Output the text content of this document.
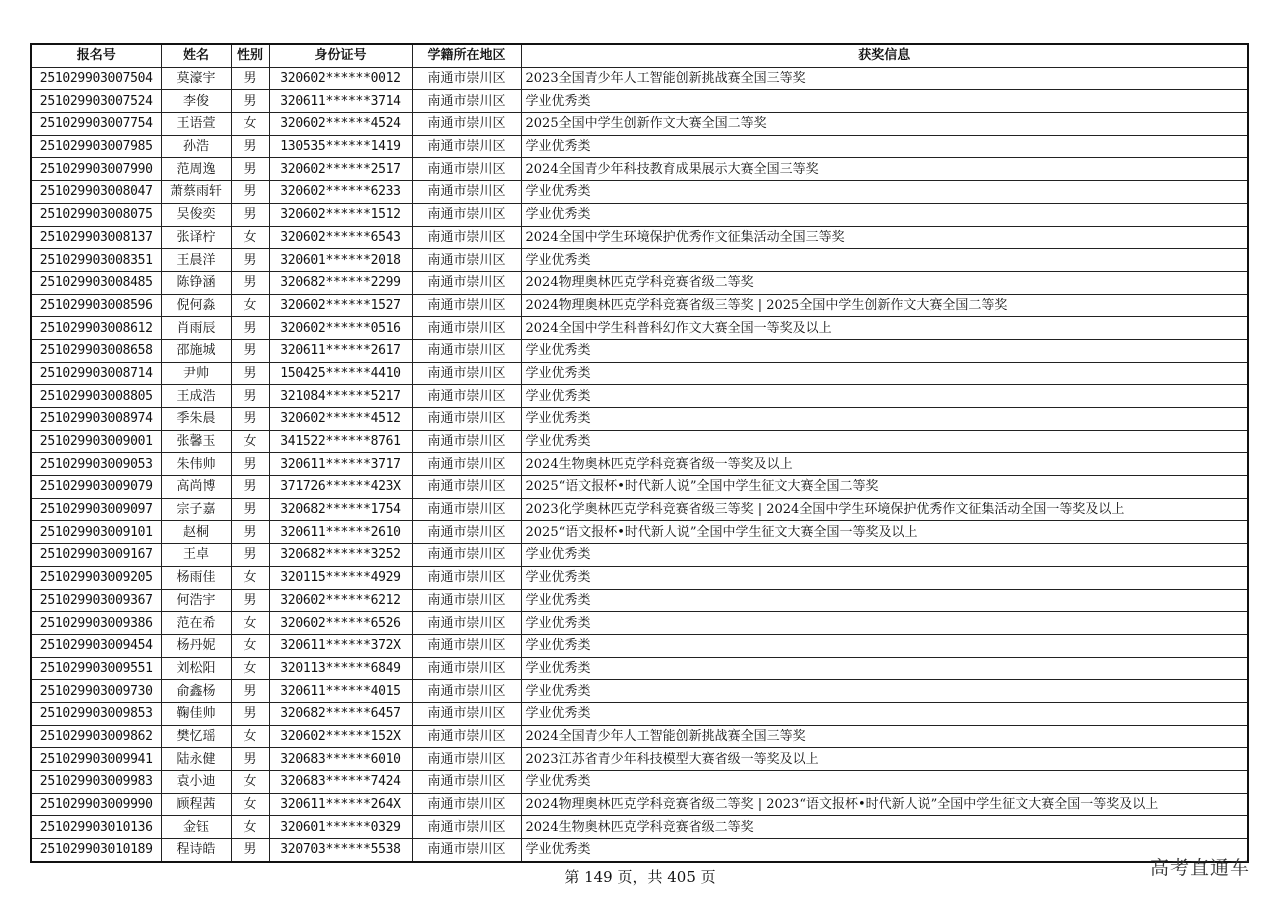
报名号	姓名	性别	身份证号	学籍所在地区	获奖信息
251029903007504	莫濠宇	男	320602******0012	南通市崇川区	2023全国青少年人工智能创新挑战赛全国三等奖
251029903007524	李俊	男	320611******3714	南通市崇川区	学业优秀类
251029903007754	王语萱	女	320602******4524	南通市崇川区	2025全国中学生创新作文大赛全国二等奖
251029903007985	孙浩	男	130535******1419	南通市崇川区	学业优秀类
251029903007990	范周逸	男	320602******2517	南通市崇川区	2024全国青少年科技教育成果展示大赛全国三等奖
251029903008047	萧蔡雨轩	男	320602******6233	南通市崇川区	学业优秀类
251029903008075	吴俊奕	男	320602******1512	南通市崇川区	学业优秀类
251029903008137	张译柠	女	320602******6543	南通市崇川区	2024全国中学生环境保护优秀作文征集活动全国三等奖
251029903008351	王晨洋	男	320601******2018	南通市崇川区	学业优秀类
251029903008485	陈铮涵	男	320682******2299	南通市崇川区	2024物理奥林匹克学科竞赛省级二等奖
251029903008596	倪何淼	女	320602******1527	南通市崇川区	2024物理奥林匹克学科竞赛省级三等奖 | 2025全国中学生创新作文大赛全国二等奖
251029903008612	肖雨辰	男	320602******0516	南通市崇川区	2024全国中学生科普科幻作文大赛全国一等奖及以上
251029903008658	邵施城	男	320611******2617	南通市崇川区	学业优秀类
251029903008714	尹帅	男	150425******4410	南通市崇川区	学业优秀类
251029903008805	王成浩	男	321084******5217	南通市崇川区	学业优秀类
251029903008974	季朱晨	男	320602******4512	南通市崇川区	学业优秀类
251029903009001	张馨玉	女	341522******8761	南通市崇川区	学业优秀类
251029903009053	朱伟帅	男	320611******3717	南通市崇川区	2024生物奥林匹克学科竞赛省级一等奖及以上
251029903009079	高尚博	男	371726******423X	南通市崇川区	2025“语文报杯•时代新人说”全国中学生征文大赛全国二等奖
251029903009097	宗子嘉	男	320682******1754	南通市崇川区	2023化学奥林匹克学科竞赛省级三等奖 | 2024全国中学生环境保护优秀作文征集活动全国一等奖及以上
251029903009101	赵桐	男	320611******2610	南通市崇川区	2025“语文报杯•时代新人说”全国中学生征文大赛全国一等奖及以上
251029903009167	王卓	男	320682******3252	南通市崇川区	学业优秀类
251029903009205	杨雨佳	女	320115******4929	南通市崇川区	学业优秀类
251029903009367	何浩宇	男	320602******6212	南通市崇川区	学业优秀类
251029903009386	范在希	女	320602******6526	南通市崇川区	学业优秀类
251029903009454	杨丹妮	女	320611******372X	南通市崇川区	学业优秀类
251029903009551	刘松阳	女	320113******6849	南通市崇川区	学业优秀类
251029903009730	俞鑫杨	男	320611******4015	南通市崇川区	学业优秀类
251029903009853	鞠佳帅	男	320682******6457	南通市崇川区	学业优秀类
251029903009862	樊忆瑶	女	320602******152X	南通市崇川区	2024全国青少年人工智能创新挑战赛全国三等奖
251029903009941	陆永健	男	320683******6010	南通市崇川区	2023江苏省青少年科技模型大赛省级一等奖及以上
251029903009983	袁小迪	女	320683******7424	南通市崇川区	学业优秀类
251029903009990	顾程茜	女	320611******264X	南通市崇川区	2024物理奥林匹克学科竞赛省级二等奖 | 2023“语文报杯•时代新人说”全国中学生征文大赛全国一等奖及以上
251029903010136	金钰	女	320601******0329	南通市崇川区	2024生物奥林匹克学科竞赛省级二等奖
251029903010189	程诗皓	男	320703******5538	南通市崇川区	学业优秀类
第 149 页，共 405 页	高考直通车
